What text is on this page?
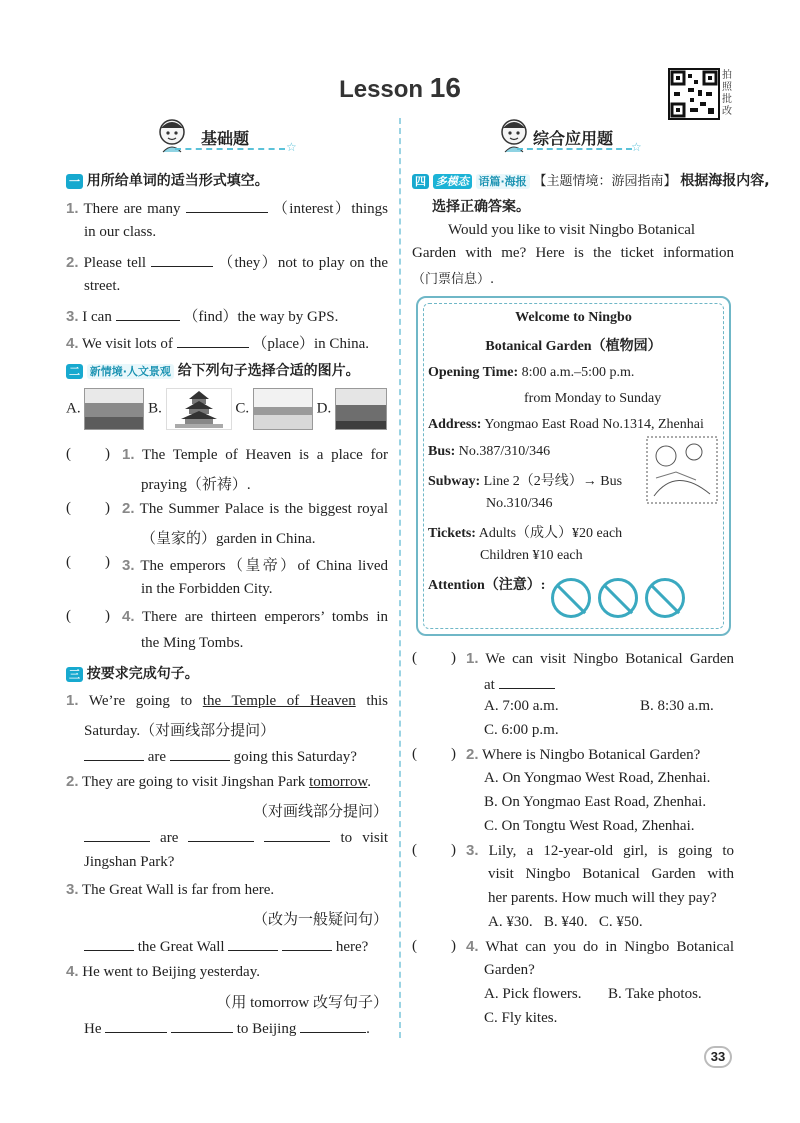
Lesson 16	拍照批改
基础题	☆	综合应用题 ☆
一 用所给单词的适当形式填空。
1. There are many	（interest）things
in our class.
2. Please tell	（they）not to play on the
street.
3. I can	（find）the way by GPS.
4. We visit lots of	（place）in China.
二 新情境·人文景观 给下列句子选择合适的图片。
A.	B.	C.	D.
( ) 1. The Temple of Heaven is a place for
praying（祈祷）.
( ) 2. The Summer Palace is the biggest royal
（皇家的）garden in China.
( ) 3. The emperors（皇帝）of China lived
in the Forbidden City.
( ) 4. There are thirteen emperors’ tombs in
the Ming Tombs.
三 按要求完成句子。
1. We’re going to the Temple of Heaven this
Saturday.（对画线部分提问）
are	going this Saturday?
2. They are going to visit Jingshan Park tomorrow.
（对画线部分提问）
are	to visit
Jingshan Park?
3. The Great Wall is far from here.
（改为一般疑问句）
the Great Wall	here?
4. He went to Beijing yesterday.
（用 tomorrow 改写句子）
He	to Beijing	.
四 多模态 语篇·海报 【主题情境：游园指南】 根据海报内容,
选择正确答案。
Would you like to visit Ningbo Botanical
Garden with me? Here is the ticket information
（门票信息）.
Welcome to Ningbo
Botanical Garden（植物园）
Opening Time: 8:00 a.m.–5:00 p.m.
from Monday to Sunday
Address: Yongmao East Road No.1314, Zhenhai
Bus: No.387/310/346
Subway: Line 2（2号线）→ Bus
No.310/346
Tickets: Adults（成人）¥20 each
Children ¥10 each
Attention（注意）:
( ) 1. We can visit Ningbo Botanical Garden
at
A. 7:00 a.m.	B. 8:30 a.m.
C. 6:00 p.m.
( ) 2. Where is Ningbo Botanical Garden?
A. On Yongmao West Road, Zhenhai.
B. On Yongmao East Road, Zhenhai.
C. On Tongtu West Road, Zhenhai.
( ) 3. Lily, a 12-year-old girl, is going to
visit Ningbo Botanical Garden with
her parents. How much will they pay?
A. ¥30.   B. ¥40.   C. ¥50.
( ) 4. What can you do in Ningbo Botanical
Garden?
A. Pick flowers. B. Take photos.
C. Fly kites.
33
